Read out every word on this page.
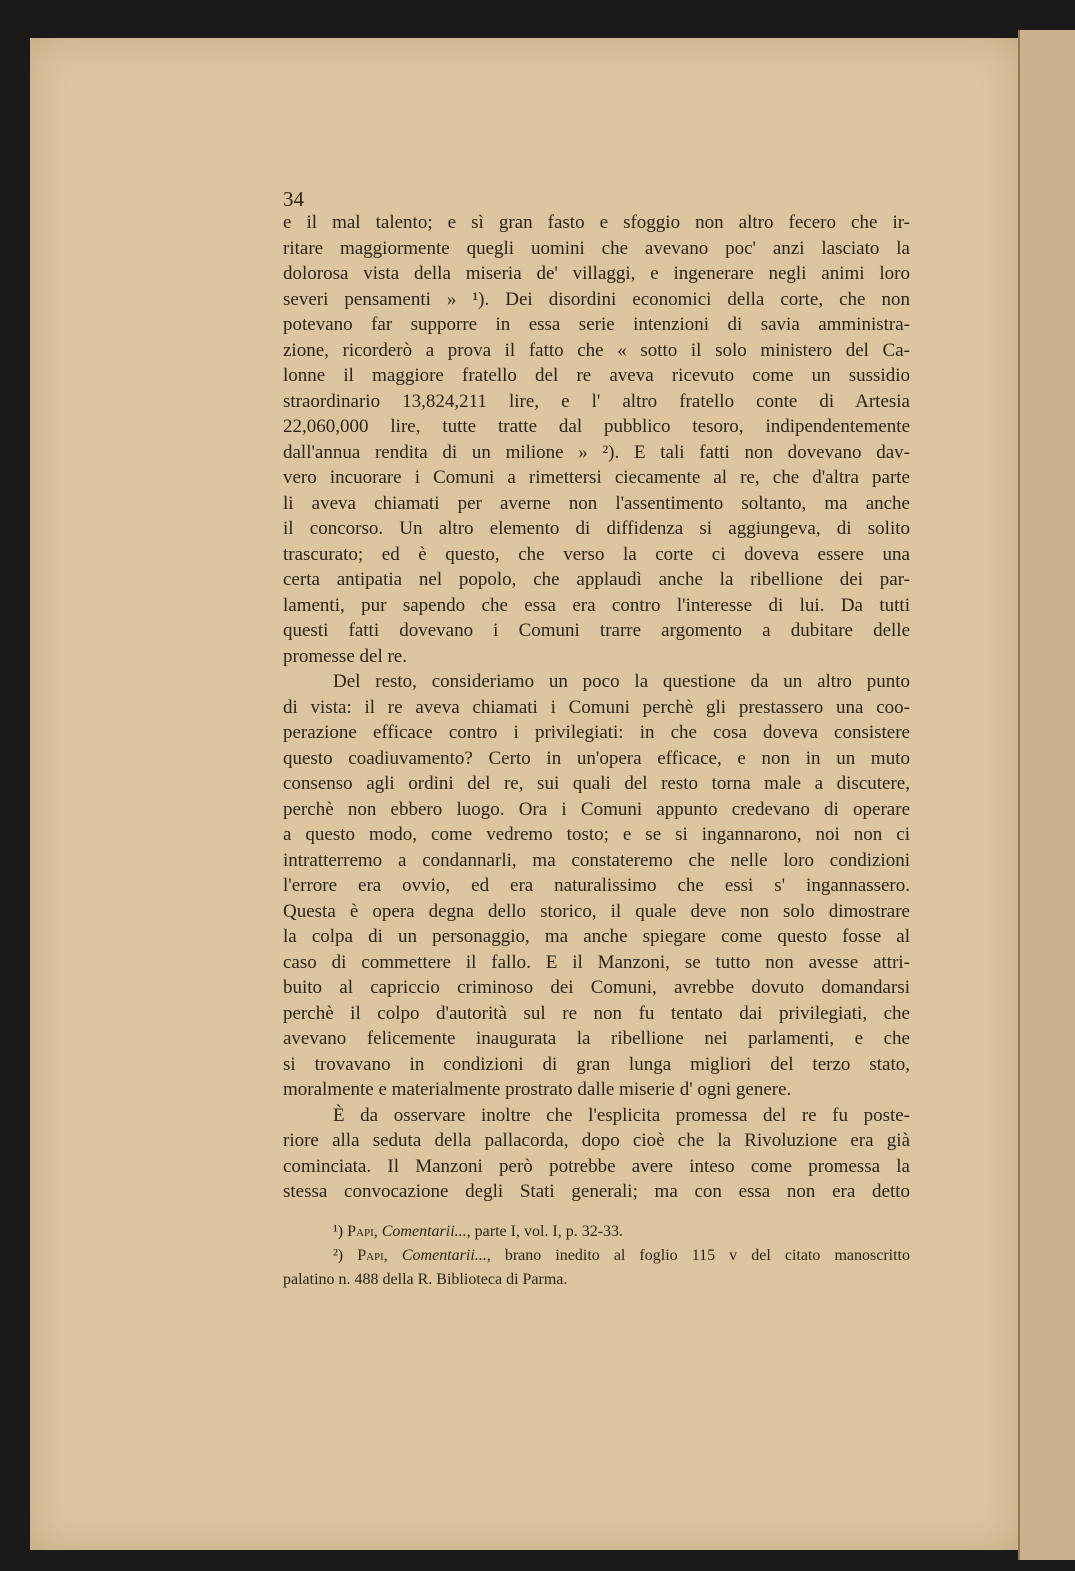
34
e il mal talento; e sì gran fasto e sfoggio non altro fecero che ir-
ritare maggiormente quegli uomini che avevano poc' anzi lasciato la
dolorosa vista della miseria de' villaggi, e ingenerare negli animi loro
severi pensamenti » ¹). Dei disordini economici della corte, che non
potevano far supporre in essa serie intenzioni di savia amministra-
zione, ricorderò a prova il fatto che « sotto il solo ministero del Ca-
lonne il maggiore fratello del re aveva ricevuto come un sussidio
straordinario 13,824,211 lire, e l' altro fratello conte di Artesia
22,060,000 lire, tutte tratte dal pubblico tesoro, indipendentemente
dall'annua rendita di un milione » ²). E tali fatti non dovevano dav-
vero incuorare i Comuni a rimettersi ciecamente al re, che d'altra parte
li aveva chiamati per averne non l'assentimento soltanto, ma anche
il concorso. Un altro elemento di diffidenza si aggiungeva, di solito
trascurato; ed è questo, che verso la corte ci doveva essere una
certa antipatia nel popolo, che applaudì anche la ribellione dei par-
lamenti, pur sapendo che essa era contro l'interesse di lui. Da tutti
questi fatti dovevano i Comuni trarre argomento a dubitare delle
promesse del re.
Del resto, consideriamo un poco la questione da un altro punto
di vista: il re aveva chiamati i Comuni perchè gli prestassero una coo-
perazione efficace contro i privilegiati: in che cosa doveva consistere
questo coadiuvamento? Certo in un'opera efficace, e non in un muto
consenso agli ordini del re, sui quali del resto torna male a discutere,
perchè non ebbero luogo. Ora i Comuni appunto credevano di operare
a questo modo, come vedremo tosto; e se si ingannarono, noi non ci
intratterremo a condannarli, ma constateremo che nelle loro condizioni
l'errore era ovvio, ed era naturalissimo che essi s' ingannassero.
Questa è opera degna dello storico, il quale deve non solo dimostrare
la colpa di un personaggio, ma anche spiegare come questo fosse al
caso di commettere il fallo. E il Manzoni, se tutto non avesse attri-
buito al capriccio criminoso dei Comuni, avrebbe dovuto domandarsi
perchè il colpo d'autorità sul re non fu tentato dai privilegiati, che
avevano felicemente inaugurata la ribellione nei parlamenti, e che
si trovavano in condizioni di gran lunga migliori del terzo stato,
moralmente e materialmente prostrato dalle miserie d' ogni genere.
È da osservare inoltre che l'esplicita promessa del re fu poste-
riore alla seduta della pallacorda, dopo cioè che la Rivoluzione era già
cominciata. Il Manzoni però potrebbe avere inteso come promessa la
stessa convocazione degli Stati generali; ma con essa non era detto
¹) Papi, Comentarii..., parte I, vol. I, p. 32-33.
²) Papi, Comentarii..., brano inedito al foglio 115 v del citato manoscritto
palatino n. 488 della R. Biblioteca di Parma.
